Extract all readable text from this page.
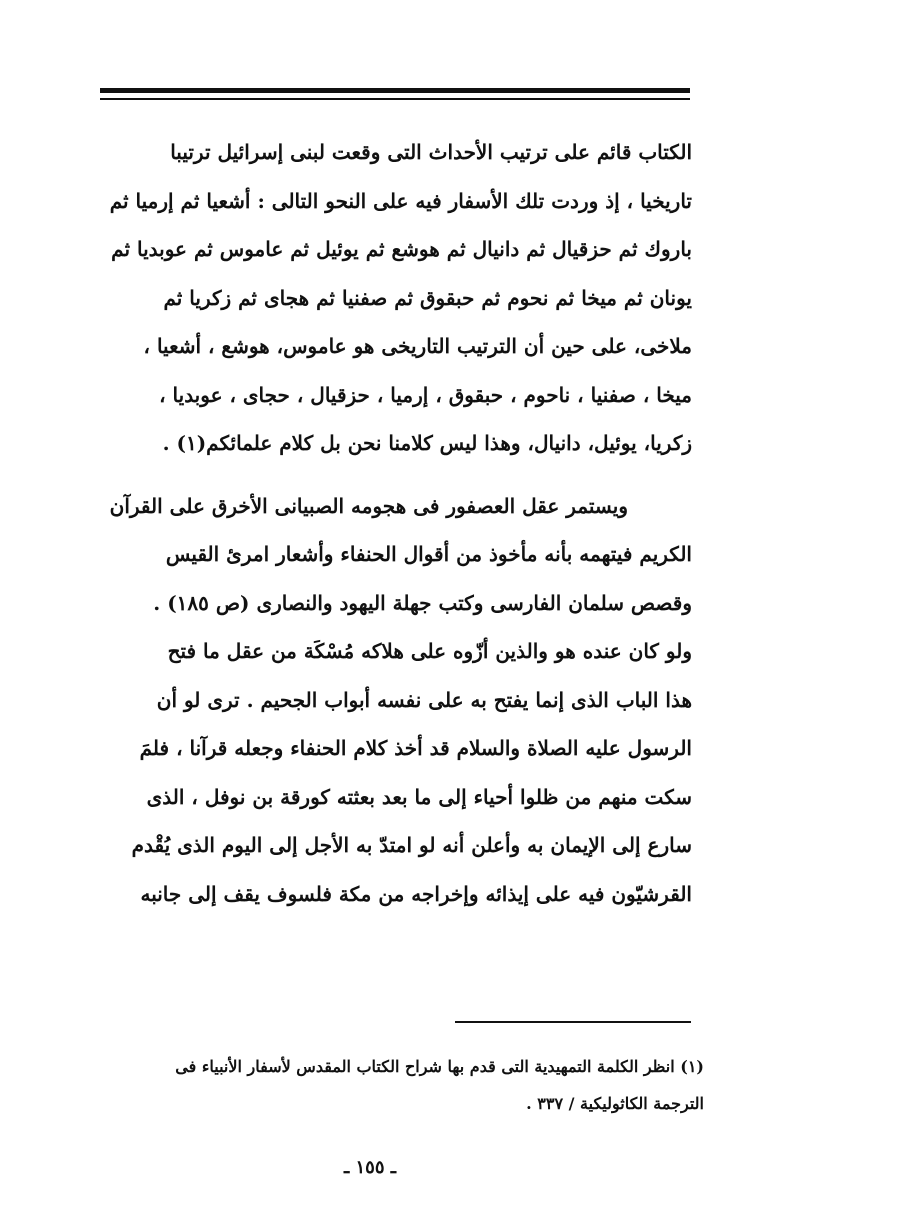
الكتاب قائم على ترتيب الأحداث التى وقعت لبنى إسرائيل ترتيبا
تاريخيا ، إذ وردت تلك الأسفار فيه على النحو التالى : أشعيا ثم إرميا ثم
باروك ثم حزقيال ثم دانيال ثم هوشع ثم يوئيل ثم عاموس ثم عوبديا ثم
يونان ثم ميخا ثم نحوم ثم حبقوق ثم صفنيا ثم هجاى ثم زكريا ثم
ملاخى، على حين أن الترتيب التاريخى هو عاموس، هوشع ، أشعيا ،
ميخا ، صفنيا ، ناحوم ، حبقوق ، إرميا ، حزقيال ، حجاى ، عوبديا ،
زكريا، يوئيل، دانيال، وهذا ليس كلامنا نحن بل كلام علمائكم(١) .
ويستمر عقل العصفور فى هجومه الصبيانى الأخرق على القرآن
الكريم فيتهمه بأنه مأخوذ من أقوال الحنفاء وأشعار امرئ القيس
وقصص سلمان الفارسى وكتب جهلة اليهود والنصارى (ص ١٨٥) .
ولو كان عنده هو والذين أزّوه على هلاكه مُسْكَة من عقل ما فتح
هذا الباب الذى إنما يفتح به على نفسه أبواب الجحيم . ترى لو أن
الرسول عليه الصلاة والسلام قد أخذ كلام الحنفاء وجعله قرآنا ، فلمَ
سكت منهم من ظلوا أحياء إلى ما بعد بعثته كورقة بن نوفل ، الذى
سارع إلى الإيمان به وأعلن أنه لو امتدّ به الأجل إلى اليوم الذى يُقْدم
القرشيّون فيه على إيذائه وإخراجه من مكة فلسوف يقف إلى جانبه
(١) انظر الكلمة التمهيدية التى قدم بها شراح الكتاب المقدس لأسفار الأنبياء فى
الترجمة الكاثوليكية / ٣٣٧ .
ـ ١٥٥ ـ
